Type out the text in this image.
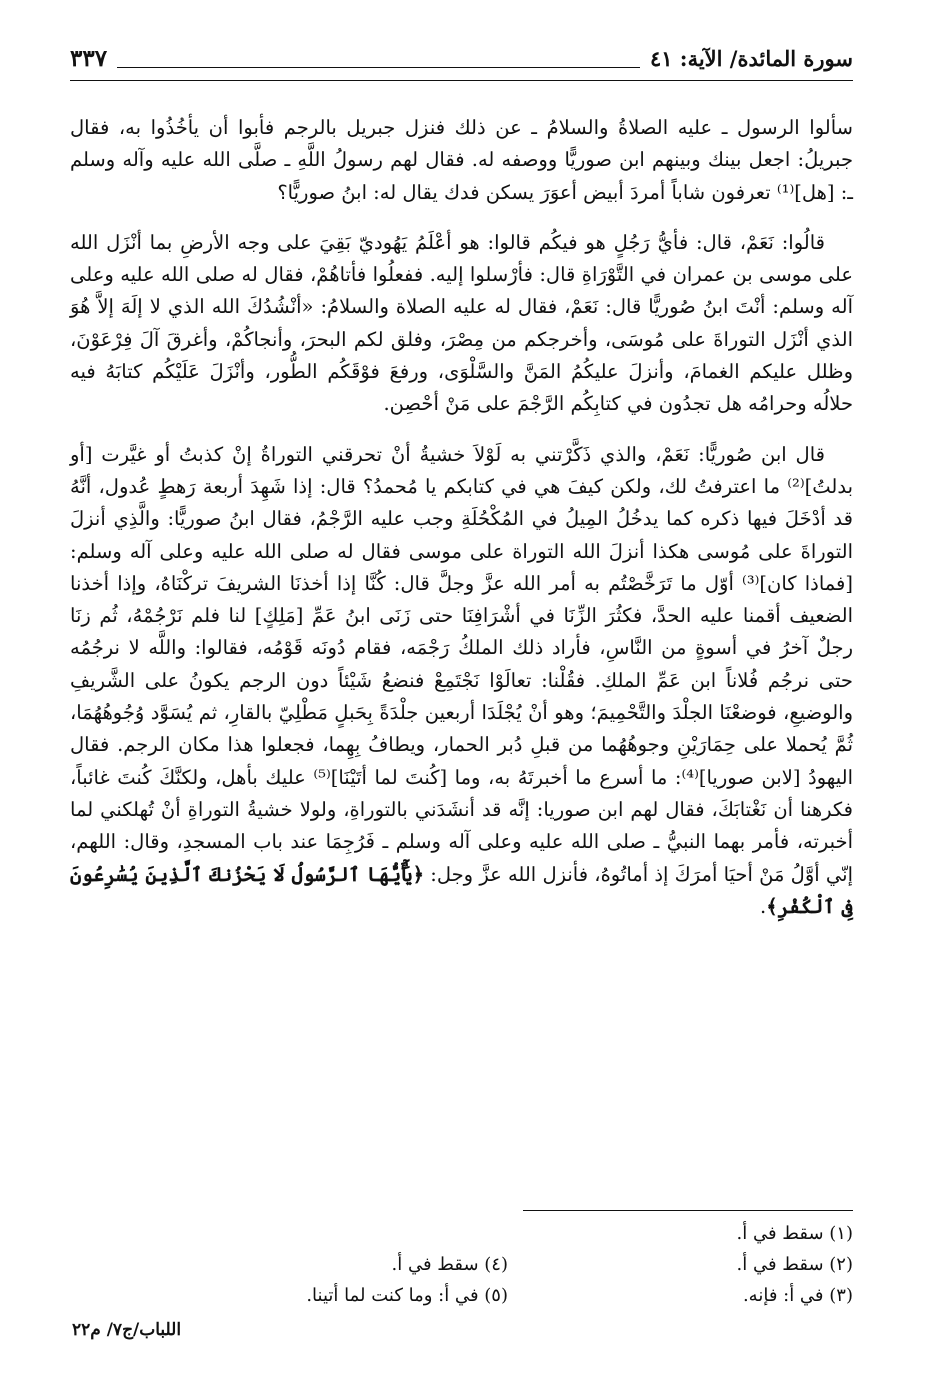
سورة المائدة/ الآية: ٤١
٣٣٧

سألوا الرسول ـ عليه الصلاةُ والسلامُ ـ عن ذلك فنزل جبريل بالرجم فأبوا أن يأخُذُوا به، فقال جبريلُ: اجعل بينك وبينهم ابن صوريًّا ووصفه له. فقال لهم رسولُ اللَّهِ ـ صلَّى الله عليه وآله وسلم ـ: [هل]⁽¹⁾ تعرفون شاباً أمردَ أبيض أعوَرَ يسكن فدك يقال له: ابنُ صوريًّا؟

قالُوا: نَعَمْ، قال: فأيُّ رَجُلٍ هو فيكُم قالوا: هو أعْلَمُ يَهُوديّ بَقِيَ على وجه الأرضِ بما أنْزَل الله على موسى بن عمران في التَّوْرَاةِ قال: فأرْسلوا إليه. ففعلُوا فأتاهُمْ، فقال له صلى الله عليه وعلى آله وسلم: أنْتَ ابنُ صُوريًّا قال: نَعَمْ، فقال له عليه الصلاة والسلامُ: «أنْشُدُكَ الله الذي لا إلَهَ إلاَّ هُوَ الذي أنْزَل التوراةَ على مُوسَى، وأخرجكم من مِصْرَ، وفلق لكم البحرَ، وأنجاكُمْ، وأغرقَ آلَ فِرْعَوْنَ، وظلل عليكم الغمامَ، وأنزلَ عليكُمُ المَنَّ والسَّلْوَى، ورفعَ فوْقَكُم الطُّور، وأنْزَلَ عَلَيْكُم كتابَهُ فيه حلالُه وحرامُه هل تجدُون في كتابِكُم الرَّجْمَ على مَنْ أحْصِن.

قال ابن صُوريًّا: نَعَمْ، والذي ذَكَّرْتني به لَوْلاَ خشيةُ أنْ تحرقني التوراةُ إنْ كذبتُ أو غيَّرت [أو بدلتُ]⁽²⁾ ما اعترفتُ لك، ولكن كيفَ هي في كتابكم يا مُحمدُ؟ قال: إذا شَهِدَ أربعة رَهطٍ عُدول، أنَّهُ قد أدْخَلَ فيها ذكره كما يدخُلُ المِيلُ في المُكْحُلَةِ وجب عليه الرَّجْمُ، فقال ابنُ صوريًّا: والَّذِي أنزلَ التوراةَ على مُوسى هكذا أنزلَ الله التوراة على موسى فقال له صلى الله عليه وعلى آله وسلم: [فماذا كان]⁽³⁾ أوّل ما تَرَخَّصْتُم به أمر الله عزَّ وجلَّ قال: كُنَّا إذا أخذنَا الشريفَ تركْنَاهُ، وإذا أخذنا الضعيف أقمنا عليه الحدَّ، فكثُرَ الزِّنَا في أشْرَافِنَا حتى زَنَى ابنُ عَمِّ [مَلِكٍ] لنا فلم نَرْجُمْهُ، ثُم زنَا رجلٌ آخرُ في أسوةٍ من النَّاسِ، فأراد ذلك الملكُ رَجْمَه، فقام دُونَه قَوْمُه، فقالوا: واللَّه لا نرجُمُه حتى نرجُم فُلاناً ابن عَمِّ الملكِ. فقُلْنا: تعالَوْا نَجْتَمِعْ فنضعُ شَيْئاً دون الرجم يكونُ على الشَّريفِ والوضيعِ، فوضعْنَا الجلْدَ والتَّحْمِيمَ؛ وهو أنْ يُجْلَدَا أربعين جلْدَةً بِحَبلٍ مَطْلِيّ بالقارِ، ثم يُسَوَّد وُجُوهُهُمَا، ثُمَّ يُحملا على حِمَارَيْنِ وجوهُهُما من قبلِ دُبر الحمار، ويطافُ بِهِما، فجعلوا هذا مكان الرجم. فقال اليهودُ [لابن صوريا]⁽⁴⁾: ما أسرع ما أخبرتَهُ به، وما [كُنتَ لما أتَيْنَا]⁽⁵⁾ عليك بأهل، ولكنَّكَ كُنتَ غائباً، فكرهنا أن نَغْتابَكَ، فقال لهم ابن صوريا: إنَّه قد أنشَدَني بالتوراةِ، ولولا خشيةُ التوراةِ أنْ تُهلكني لما أخبرته، فأمر بهما النبيُّ ـ صلى الله عليه وعلى آله وسلم ـ فَرُجِمَا عند باب المسجدِ، وقال: اللهم، إنّي أوَّلُ مَنْ أحيَا أمرَكَ إذ أماتُوهُ، فأنزل الله عزَّ وجل: ﴿يَٰٓأَيُّهَا ٱلرَّسُولُ لَا يَحْزُنكَ ٱلَّذِينَ يُسَٰرِعُونَ فِى ٱلْكُفْرِ﴾.

(١) سقط في أ.
(٢) سقط في أ.
(٤) سقط في أ.
(٣) في أ: فإنه.
(٥) في أ: وما كنت لما أتينا.
اللباب/ج٧/ م٢٢
